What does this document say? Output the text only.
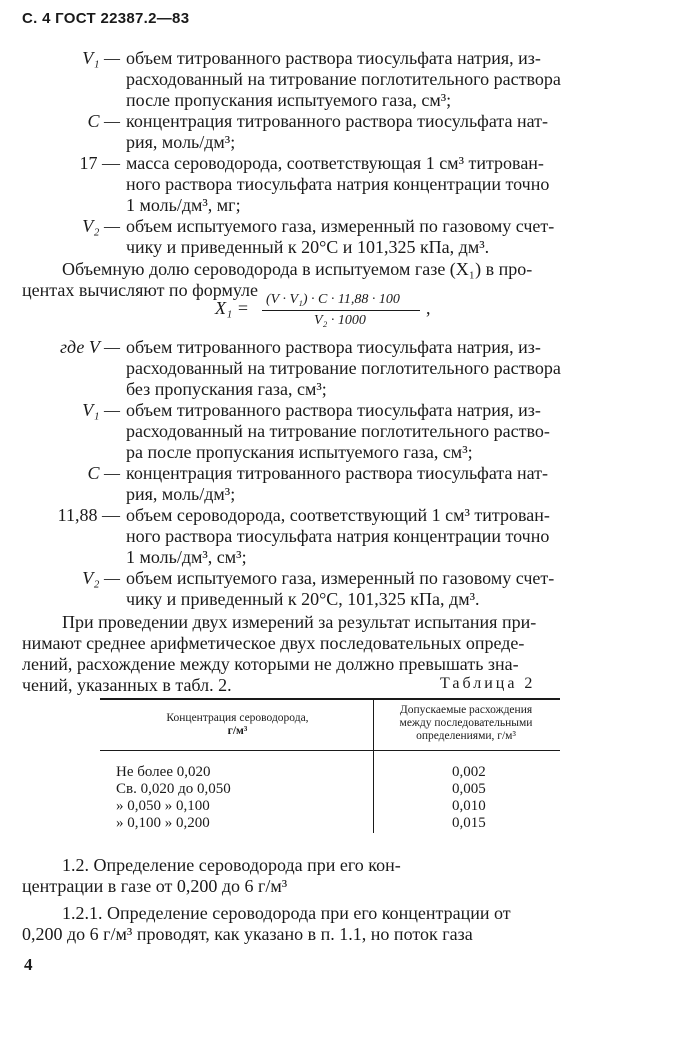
С. 4 ГОСТ 22387.2—83
V₁ — объем титрованного раствора тиосульфата натрия, из-
расходованный на титрование поглотительного раствора
после пропускания испытуемого газа, см³;
C — концентрация титрованного раствора тиосульфата нат-
рия, моль/дм³;
17 — масса сероводорода, соответствующая 1 см³ титрован-
ного раствора тиосульфата натрия концентрации точно
1 моль/дм³, мг;
V₂ — объем испытуемого газа, измеренный по газовому счет-
чику и приведенный к 20°С и 101,325 кПа, дм³.
Объемную долю сероводорода в испытуемом газе (X₁) в про-
центах вычисляют по формуле
X₁ = (V · V₁) · C · 11,88 · 100
V₂ · 1000
,
где V — объем титрованного раствора тиосульфата натрия, из-
расходованный на титрование поглотительного раствора
без пропускания газа, см³;
V₁ — объем титрованного раствора тиосульфата натрия, из-
расходованный на титрование поглотительного раство-
ра после пропускания испытуемого газа, см³;
C — концентрация титрованного раствора тиосульфата нат-
рия, моль/дм³;
11,88 — объем сероводорода, соответствующий 1 см³ титрован-
ного раствора тиосульфата натрия концентрации точно
1 моль/дм³, см³;
V₂ — объем испытуемого газа, измеренный по газовому счет-
чику и приведенный к 20°С, 101,325 кПа, дм³.
При проведении двух измерений за результат испытания при-
нимают среднее арифметическое двух последовательных опреде-
лений, расхождение между которыми не должно превышать зна-
чений, указанных в табл. 2.	Таблица 2
Концентрация сероводорода,
г/м³
Допускаемые расхождения
между последовательными
определениями, г/м³
Не более 0,020	0,002
Св. 0,020 до 0,050	0,005
» 0,050 » 0,100	0,010
» 0,100 » 0,200	0,015
1.2. Определение сероводорода при его кон-
центрации в газе от 0,200 до 6 г/м³
1.2.1. Определение сероводорода при его концентрации от
0,200 до 6 г/м³ проводят, как указано в п. 1.1, но поток газа
4
